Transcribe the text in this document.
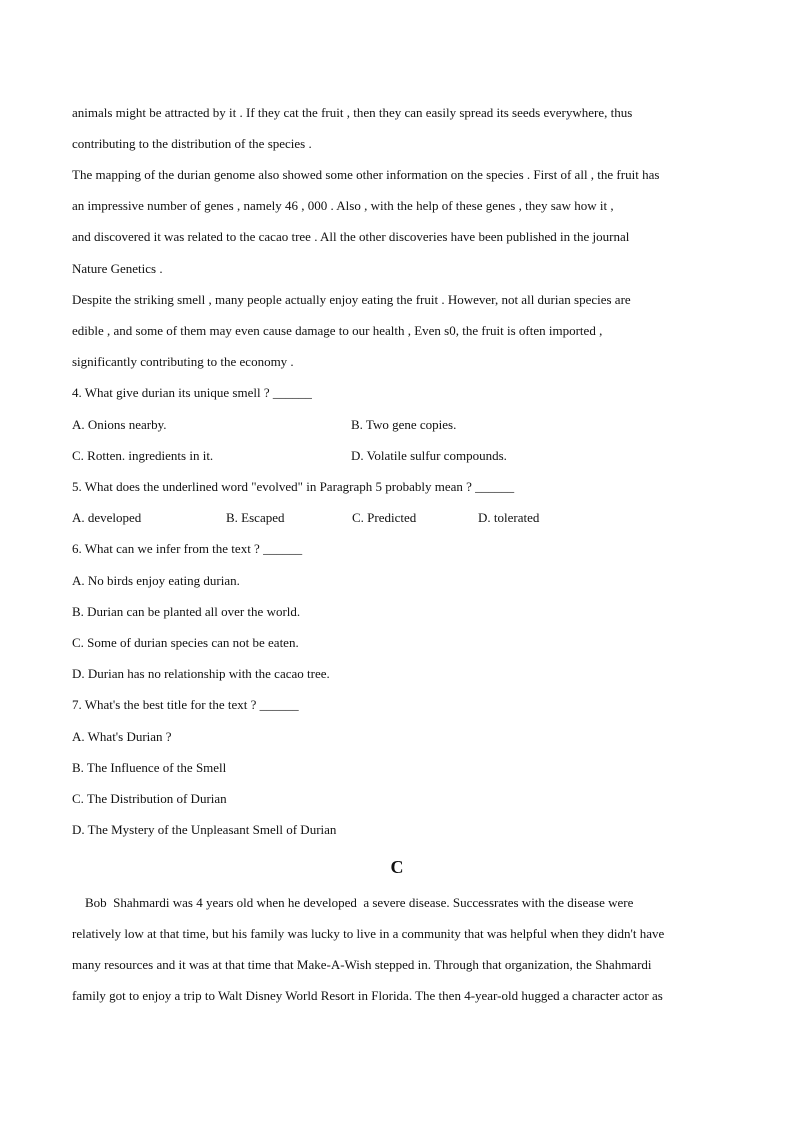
animals might be attracted by it . If they cat the fruit , then they can easily spread its seeds everywhere, thus
contributing to the distribution of the species .
The mapping of the durian genome also showed some other information on the species . First of all , the fruit has
an impressive number of genes , namely 46 , 000 . Also , with the help of these genes , they saw how it ,
and discovered it was related to the cacao tree . All the other discoveries have been published in the journal
Nature Genetics .
Despite the striking smell , many people actually enjoy eating the fruit . However, not all durian species are
edible , and some of them may even cause damage to our health , Even s0, the fruit is often imported ,
significantly contributing to the economy .
4. What give durian its unique smell ? ______
A. Onions nearby.	B. Two gene copies.
C. Rotten. ingredients in it.	D. Volatile sulfur compounds.
5. What does the underlined word "evolved" in Paragraph 5 probably mean ? ______
A. developed	B. Escaped	C. Predicted	D. tolerated
6. What can we infer from the text ? ______
A. No birds enjoy eating durian.
B. Durian can be planted all over the world.
C. Some of durian species can not be eaten.
D. Durian has no relationship with the cacao tree.
7. What's the best title for the text ? ______
A. What's Durian ?
B. The Influence of the Smell
C. The Distribution of Durian
D. The Mystery of the Unpleasant Smell of Durian
C
Bob  Shahmardi was 4 years old when he developed  a severe disease. Successrates with the disease were
relatively low at that time, but his family was lucky to live in a community that was helpful when they didn't have
many resources and it was at that time that Make-A-Wish stepped in. Through that organization, the Shahmardi
family got to enjoy a trip to Walt Disney World Resort in Florida. The then 4-year-old hugged a character actor as
